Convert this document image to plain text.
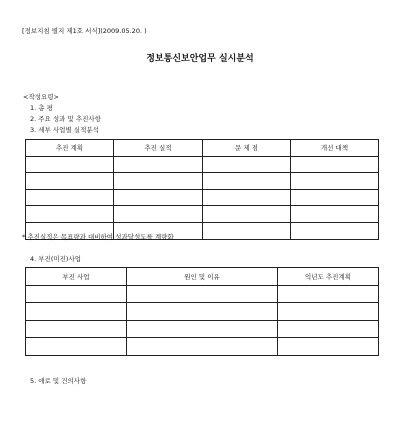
[정보지침 별지 제1호 서식](2009.05.20. )
정보통신보안업무 실시분석
<작성요령>
1. 총 평
2. 주요 성과 및 추진사항
3. 세부 사업별 실적분석
추진 계획	추진 실적	문 제 점	개선 대책

* 추진실적은 목표량과 대비하여 성과달성도를 계량화
4. 부진(미진)사업
부진 사업	원인 및 이유	익년도 추진계획

5. 애로 및 건의사항
